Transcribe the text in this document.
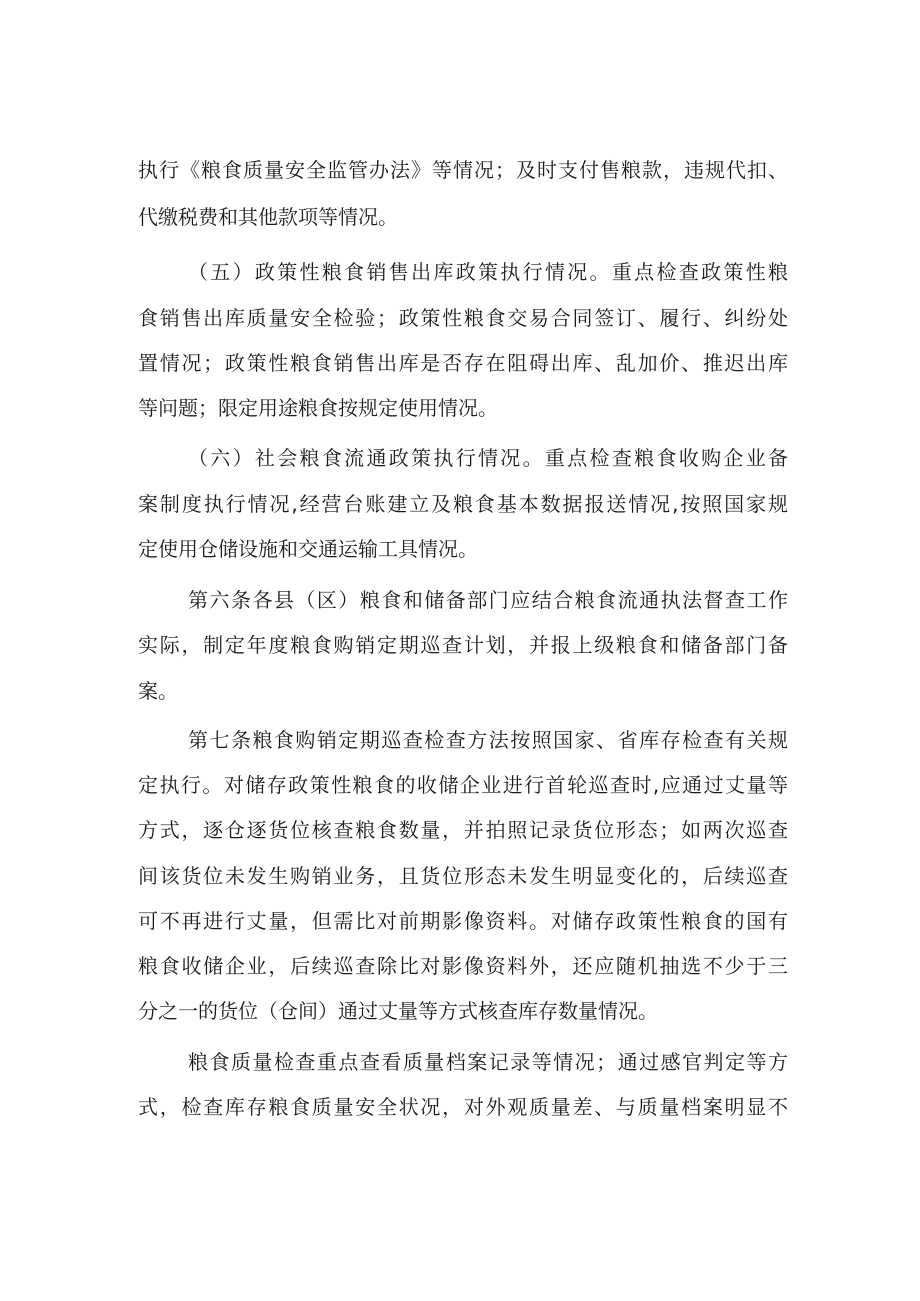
执行《粮食质量安全监管办法》等情况；及时支付售粮款，违规代扣、
代缴税费和其他款项等情况。
（五）政策性粮食销售出库政策执行情况。重点检查政策性粮
食销售出库质量安全检验；政策性粮食交易合同签订、履行、纠纷处
置情况；政策性粮食销售出库是否存在阻碍出库、乱加价、推迟出库
等问题；限定用途粮食按规定使用情况。
（六）社会粮食流通政策执行情况。重点检查粮食收购企业备
案制度执行情况,经营台账建立及粮食基本数据报送情况,按照国家规
定使用仓储设施和交通运输工具情况。
第六条各县（区）粮食和储备部门应结合粮食流通执法督查工作
实际，制定年度粮食购销定期巡查计划，并报上级粮食和储备部门备
案。
第七条粮食购销定期巡查检查方法按照国家、省库存检查有关规
定执行。对储存政策性粮食的收储企业进行首轮巡查时,应通过丈量等
方式，逐仓逐货位核查粮食数量，并拍照记录货位形态；如两次巡查
间该货位未发生购销业务，且货位形态未发生明显变化的，后续巡查
可不再进行丈量，但需比对前期影像资料。对储存政策性粮食的国有
粮食收储企业，后续巡查除比对影像资料外，还应随机抽选不少于三
分之一的货位（仓间）通过丈量等方式核查库存数量情况。
粮食质量检查重点查看质量档案记录等情况；通过感官判定等方
式，检查库存粮食质量安全状况，对外观质量差、与质量档案明显不
